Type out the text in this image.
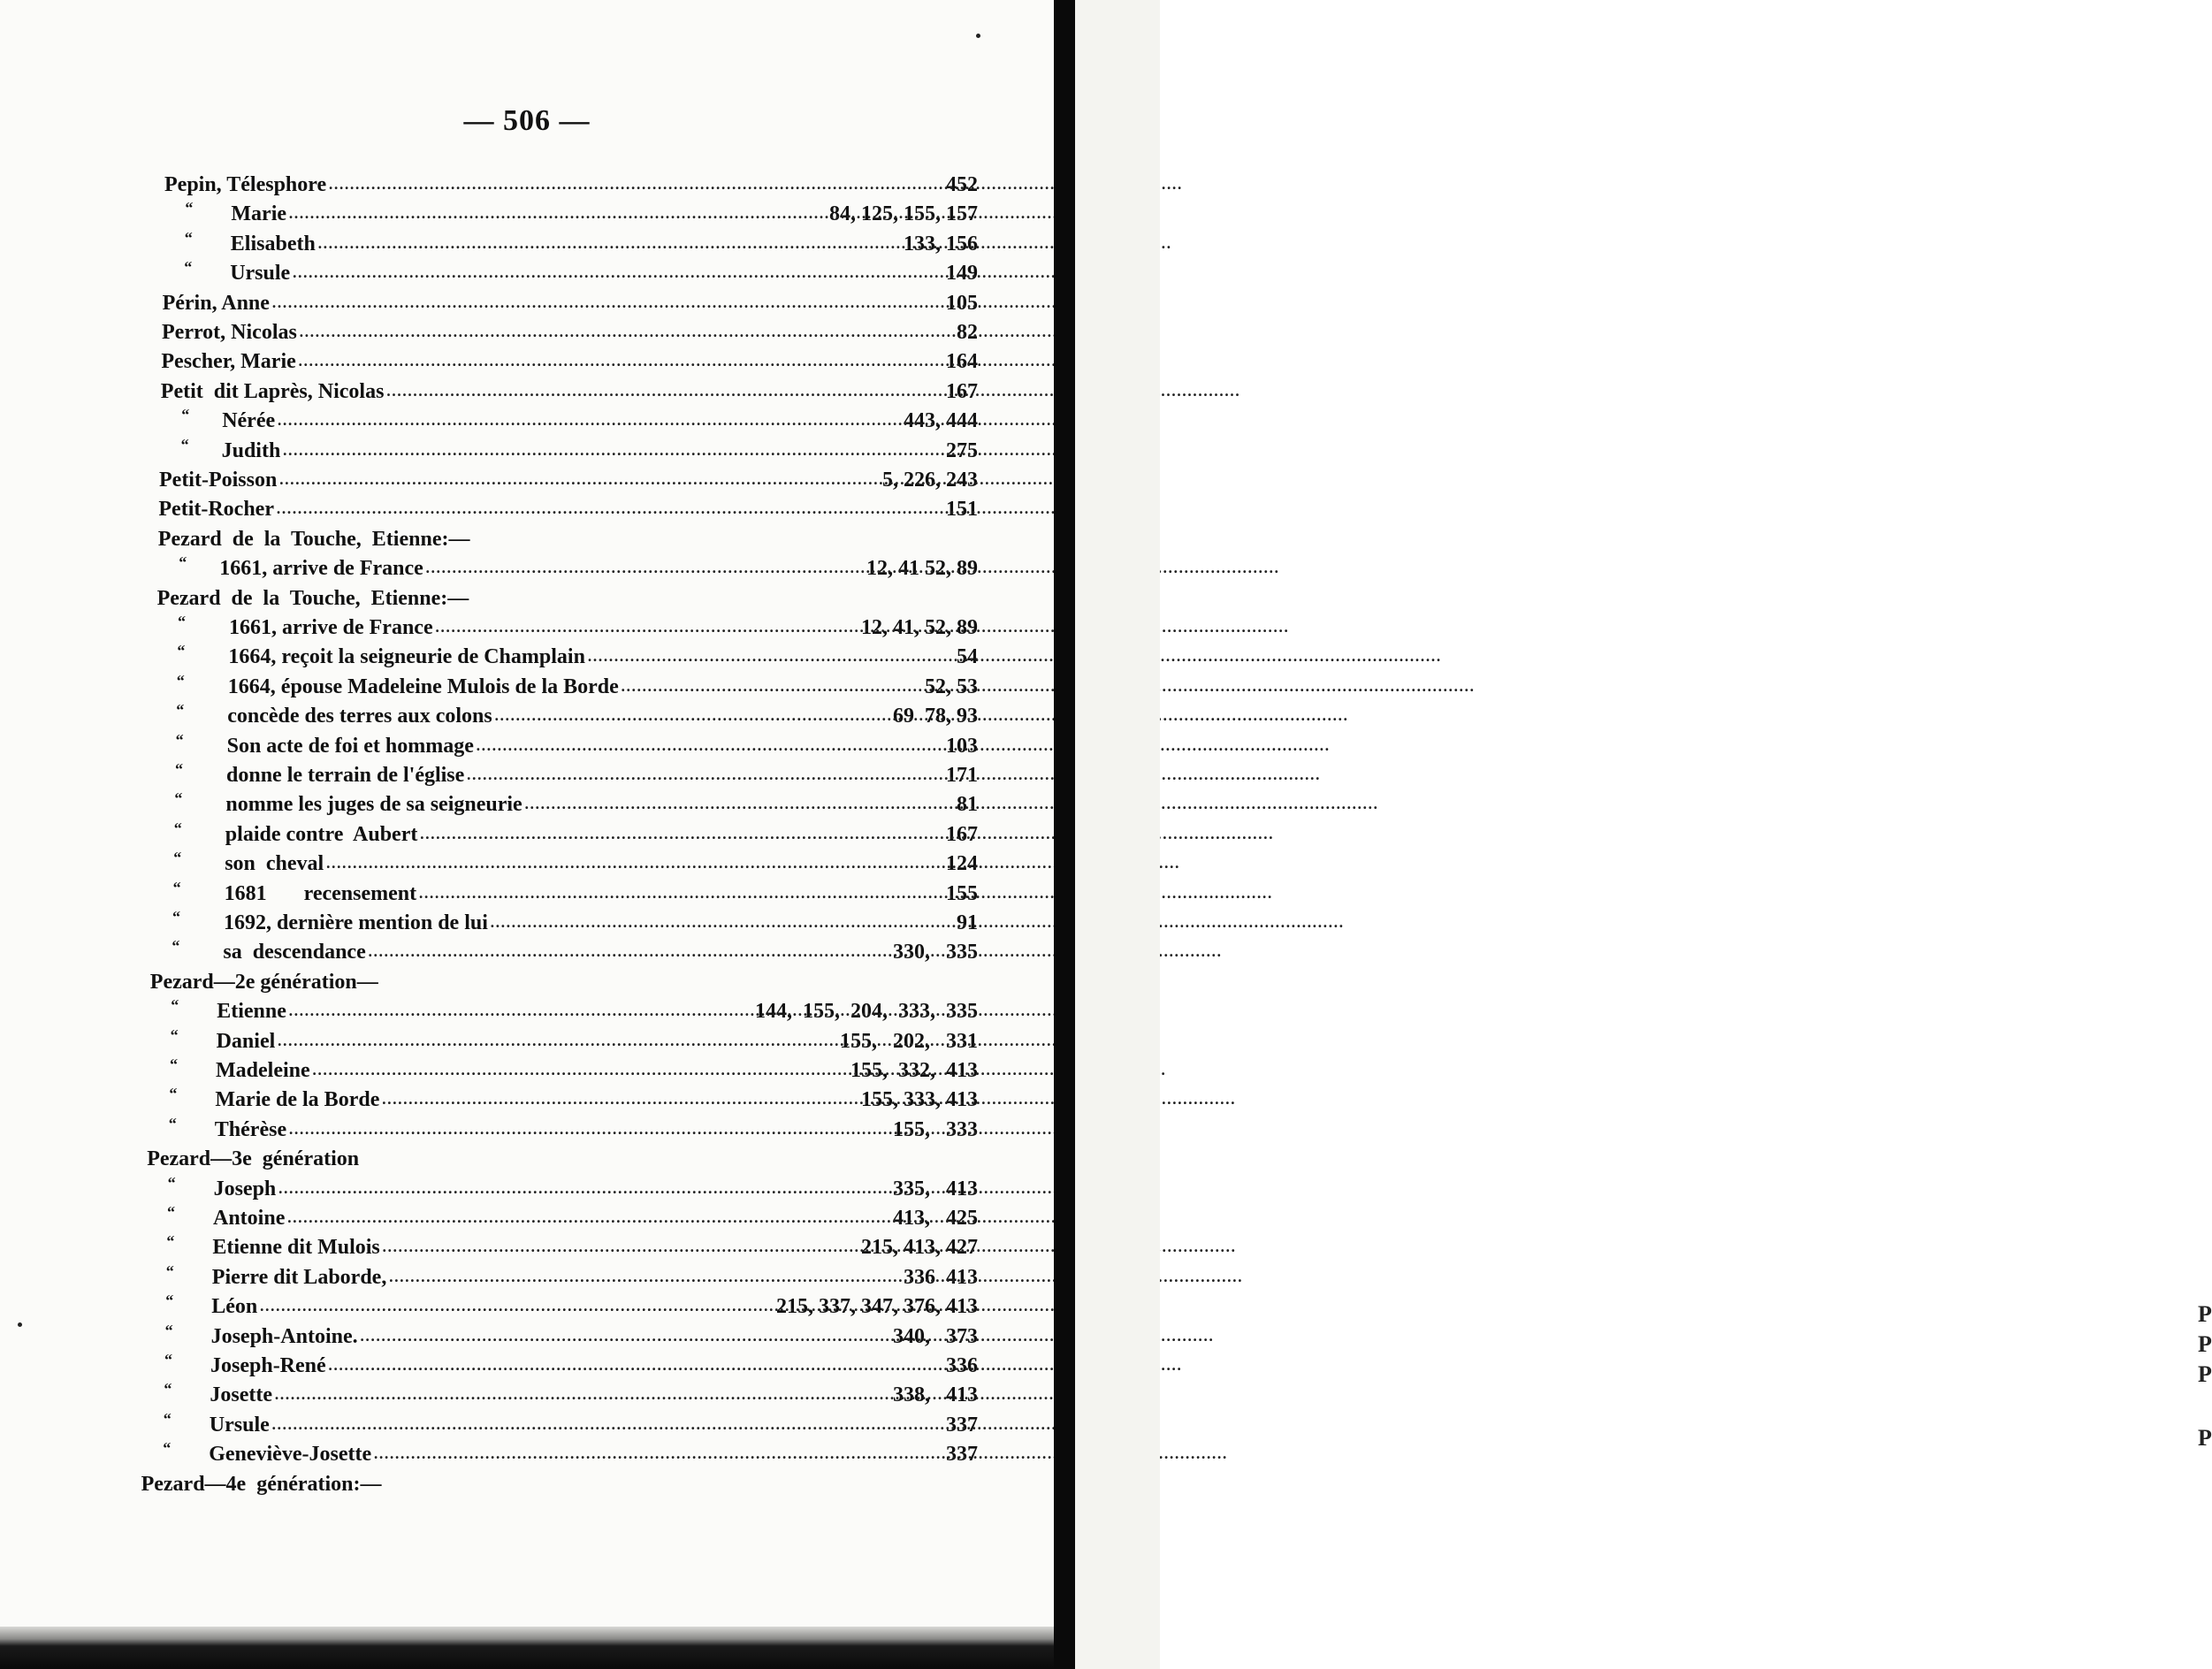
— 506 —
Pepin, Télesphore . . .	452
“ Marie . . .	84, 125, 155, 157
“ Elisabeth . . .	133, 156
“ Ursule . . .	149
Périn, Anne . . .	105
Perrot, Nicolas . . .	82
Pescher, Marie . . .	164
Petit  dit Laprès, Nicolas . . .	167
“ Nérée . . .	443, 444
“ Judith . . .	275
Petit-Poisson . . .	5, 226, 243
Petit-Rocher . . .	151
Pezard  de  la  Touche,  Etienne:—
“ 1661, arrive de France . . .	12, 41 52, 89
Pezard  de  la  Touche,  Etienne:—
“ 1661, arrive de France . . .	12, 41, 52, 89
“ 1664, reçoit la seigneurie de Champlain . . .	54
“ 1664, épouse Madeleine Mulois de la Borde . . .	52, 53
“ concède des terres aux colons . . .	69  78, 93
“ Son acte de foi et hommage . . .	103
“ donne le terrain de l'église . . .	171
“ nomme les juges de sa seigneurie . . .	81
“ plaide contre  Aubert . . .	167
“ son  cheval . . .	124
“ 1681       recensement . . .	155
“ 1692, dernière mention de lui . . .	91
“ sa  descendance . . .	330,   335
Pezard—2e génération—
“ Etienne . . .	144,  155,  204,  333,  335
“ Daniel . . .	155,   202,   331
“ Madeleine . . .	155,  332,  413
“ Marie de la Borde . . .	155, 333, 413
“ Thérèse . . .	155,   333
Pezard—3e  génération
“ Joseph . . .	335,   413
“ Antoine . . .	413,   425
“ Etienne dit Mulois . . .	215, 413, 427
“ Pierre dit Laborde, . . .	336  413
“ Léon . . .	215, 337, 347, 376, 413
“ Joseph-Antoine. . . .	340,   373
“ Joseph-René . . .	336
“ Josette . . .	338,   413
“ Ursule . . .	337
“ Geneviève-Josette . . .	337
Pezard—4e  génération:—
P
P
P
P
